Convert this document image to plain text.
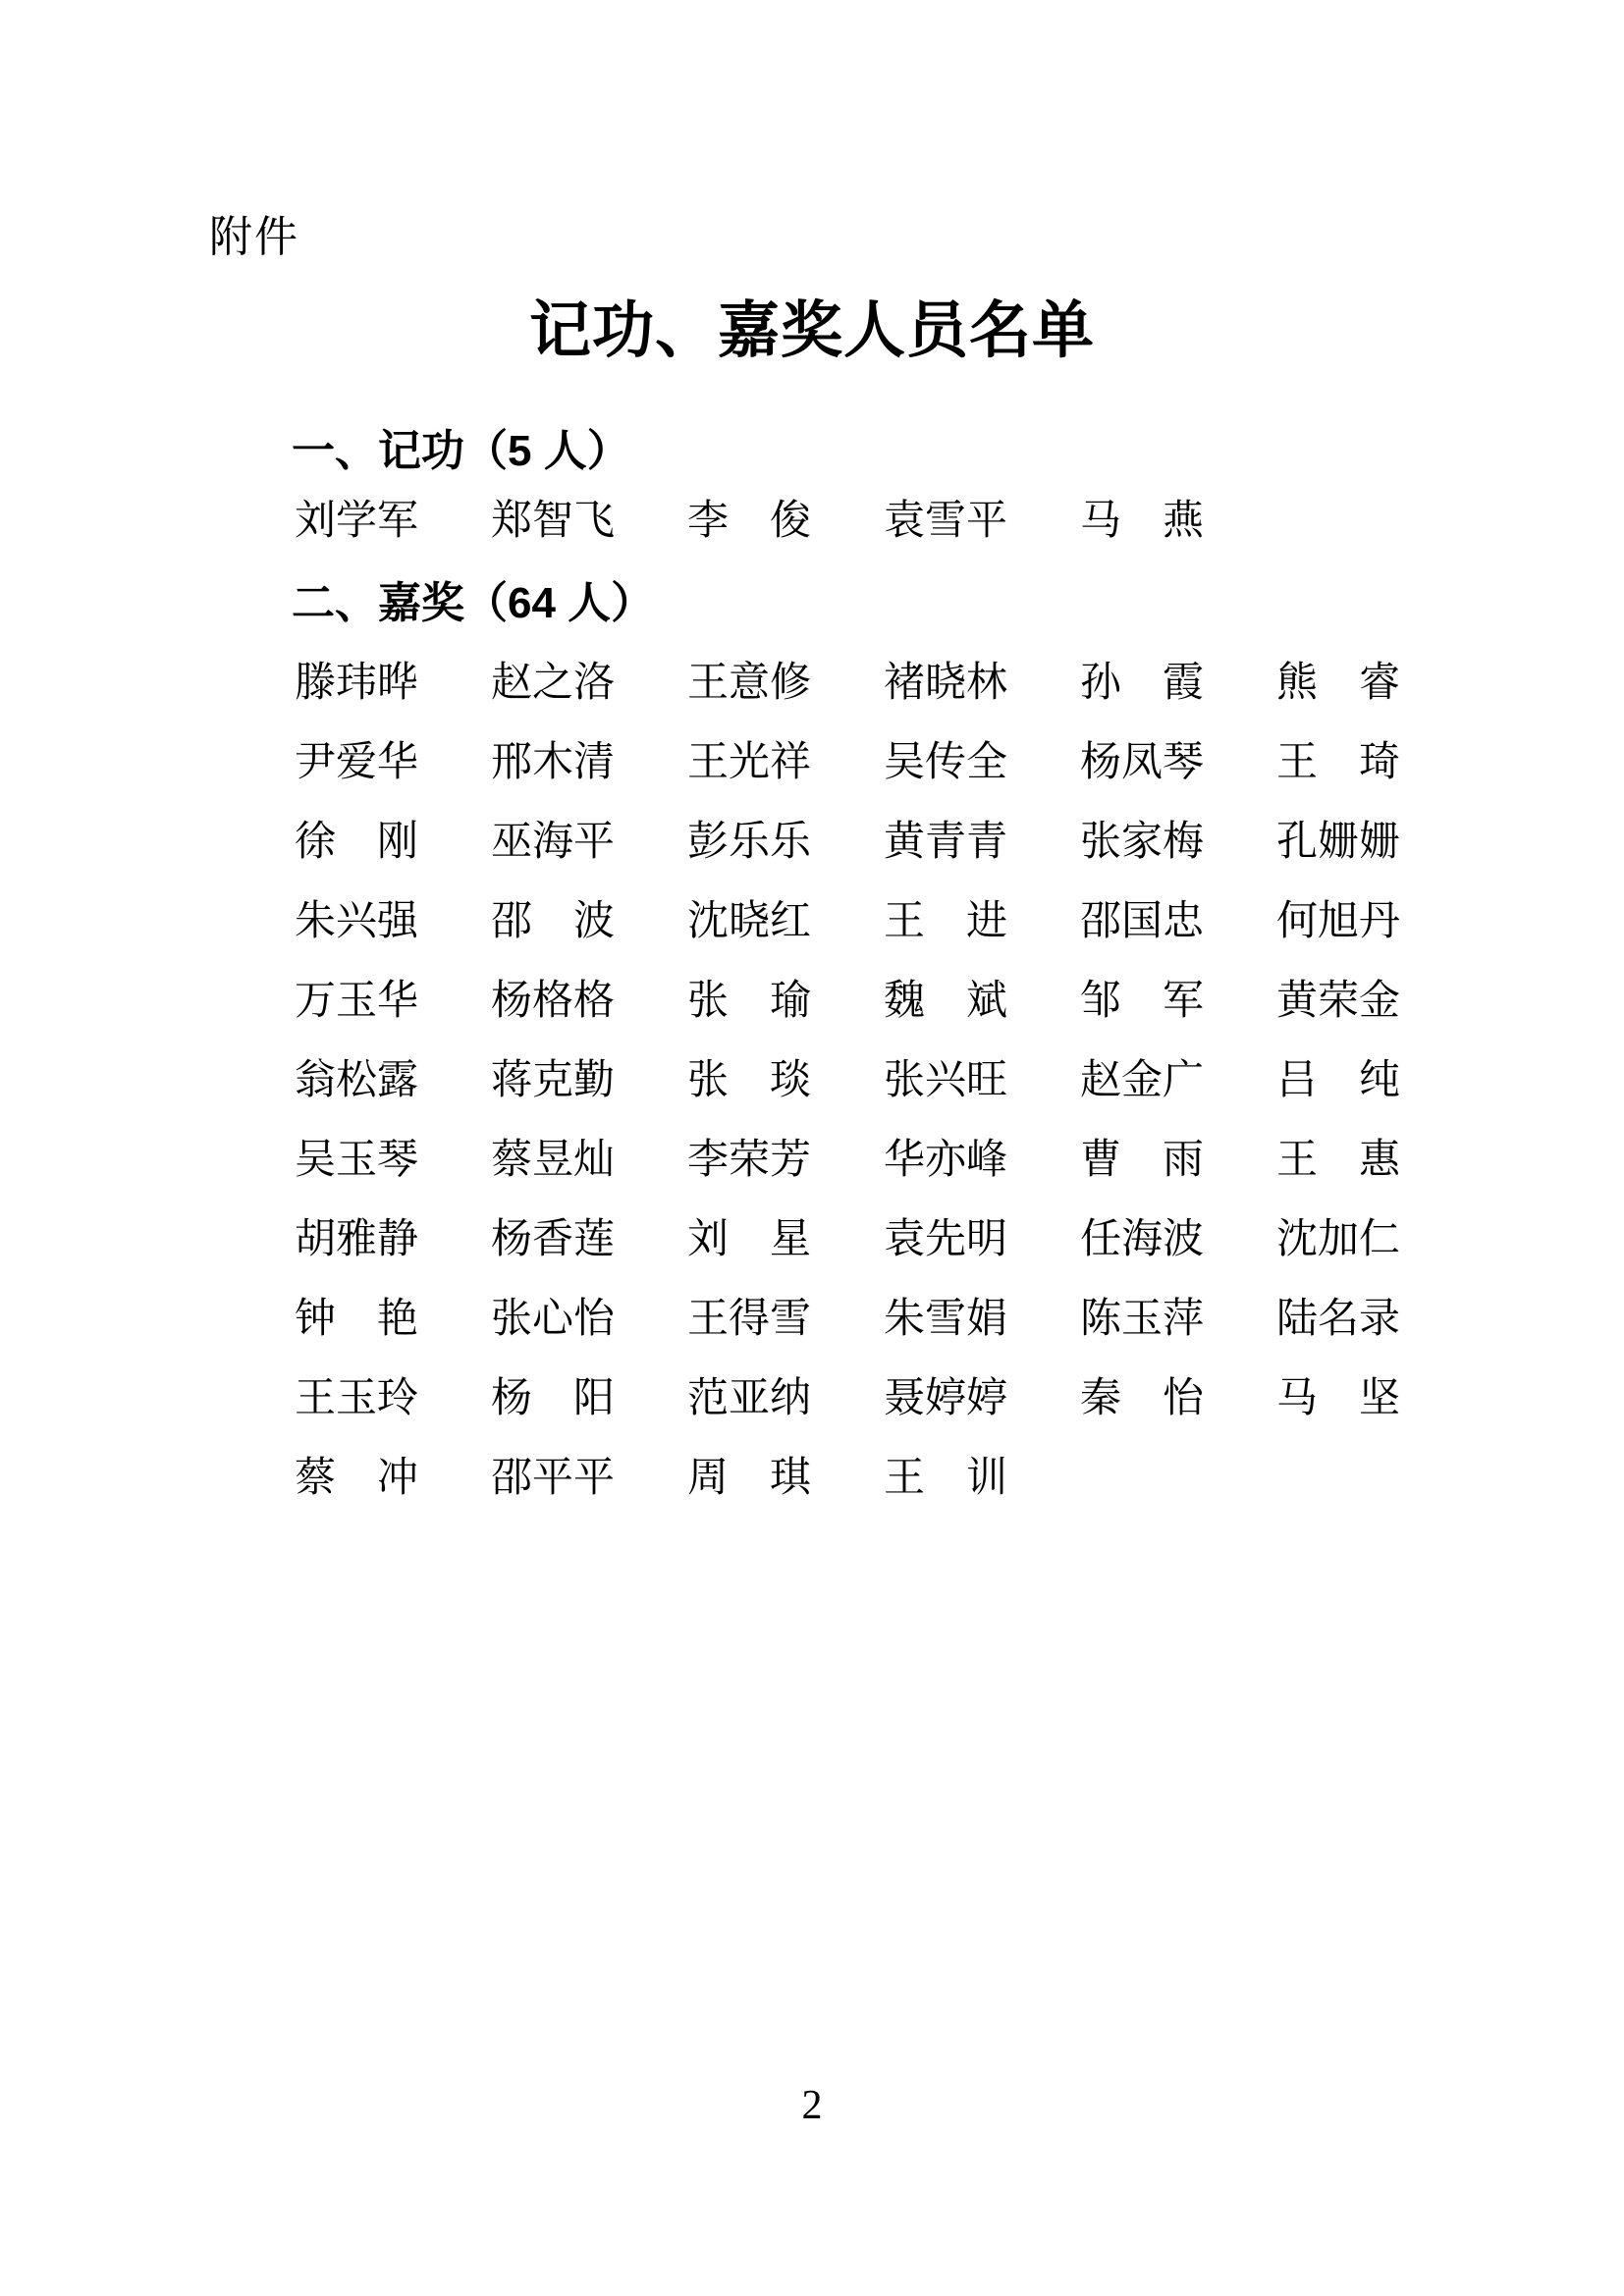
附件
记功、嘉奖人员名单
一、记功（5 人）
刘学军 郑智飞 李　俊 袁雪平 马　燕
二、嘉奖（64 人）
滕玮晔 赵之洛 王意修 褚晓林 孙　霞 熊　睿
尹爱华 邢木清 王光祥 吴传全 杨凤琴 王　琦
徐　刚 巫海平 彭乐乐 黄青青 张家梅 孔姗姗
朱兴强 邵　波 沈晓红 王　进 邵国忠 何旭丹
万玉华 杨格格 张　瑜 魏　斌 邹　军 黄荣金
翁松露 蒋克勤 张　琰 张兴旺 赵金广 吕　纯
吴玉琴 蔡昱灿 李荣芳 华亦峰 曹　雨 王　惠
胡雅静 杨香莲 刘　星 袁先明 任海波 沈加仁
钟　艳 张心怡 王得雪 朱雪娟 陈玉萍 陆名录
王玉玲 杨　阳 范亚纳 聂婷婷 秦　怡 马　坚
蔡　冲 邵平平 周　琪 王　训
2
